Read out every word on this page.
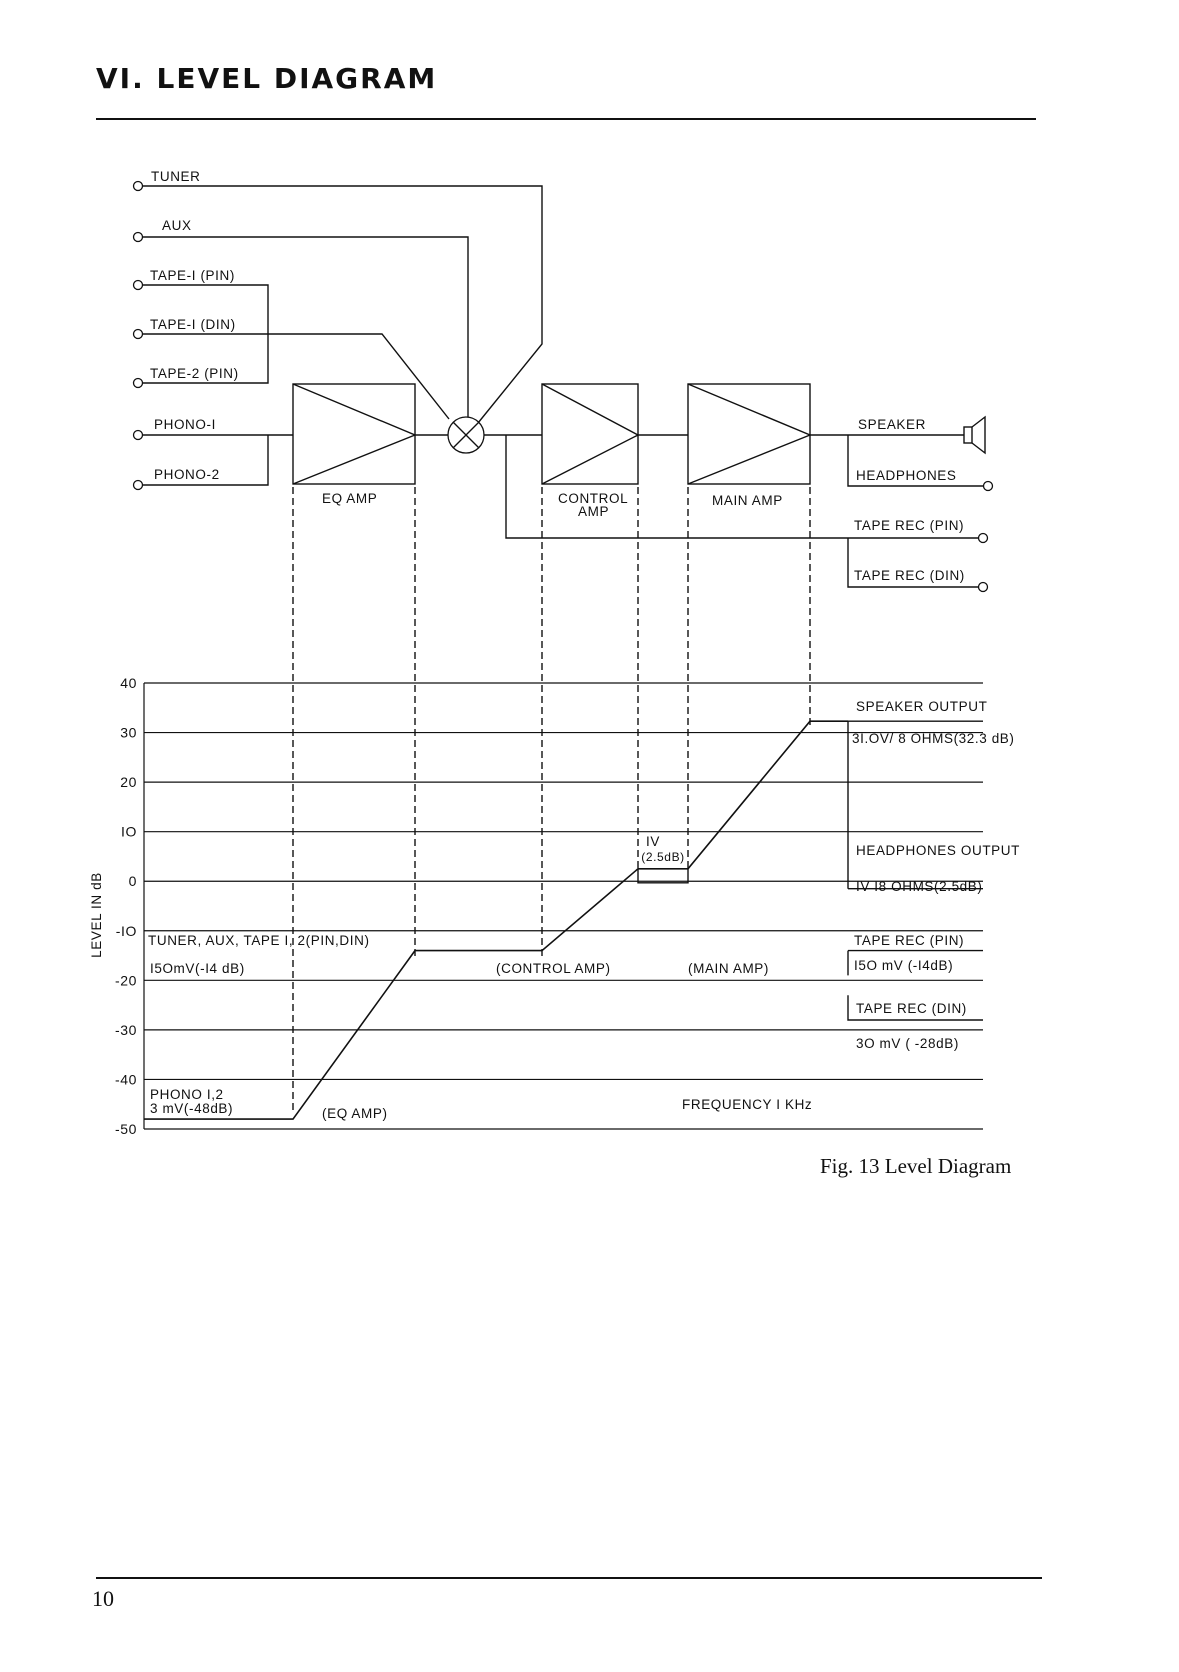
VI. LEVEL DIAGRAM
TUNER
AUX
TAPE-I (PIN)
TAPE-I (DIN)
TAPE-2 (PIN)
PHONO-I
PHONO-2
EQ AMP	CONTROL
AMP
MAIN AMP
SPEAKER
HEADPHONES
TAPE REC (PIN)
TAPE REC (DIN)
40
30
20
IO
0
-IO
-20
-30
-40
-50
LEVEL IN dB
PHONO I,2
3 mV(-48dB)
TUNER, AUX, TAPE I, 2(PIN,DIN)
I5OmV(-I4 dB)
IV
(2.5dB)
SPEAKER OUTPUT
3I.OV/ 8 OHMS(32.3 dB)
HEADPHONES OUTPUT
IV I8 OHMS(2.5dB)
TAPE REC (PIN)
I5O mV (-I4dB)
TAPE REC (DIN)
3O mV ( -28dB)
(EQ AMP)
(CONTROL AMP)	(MAIN AMP)
FREQUENCY I KHz
Fig. 13 Level Diagram
10
